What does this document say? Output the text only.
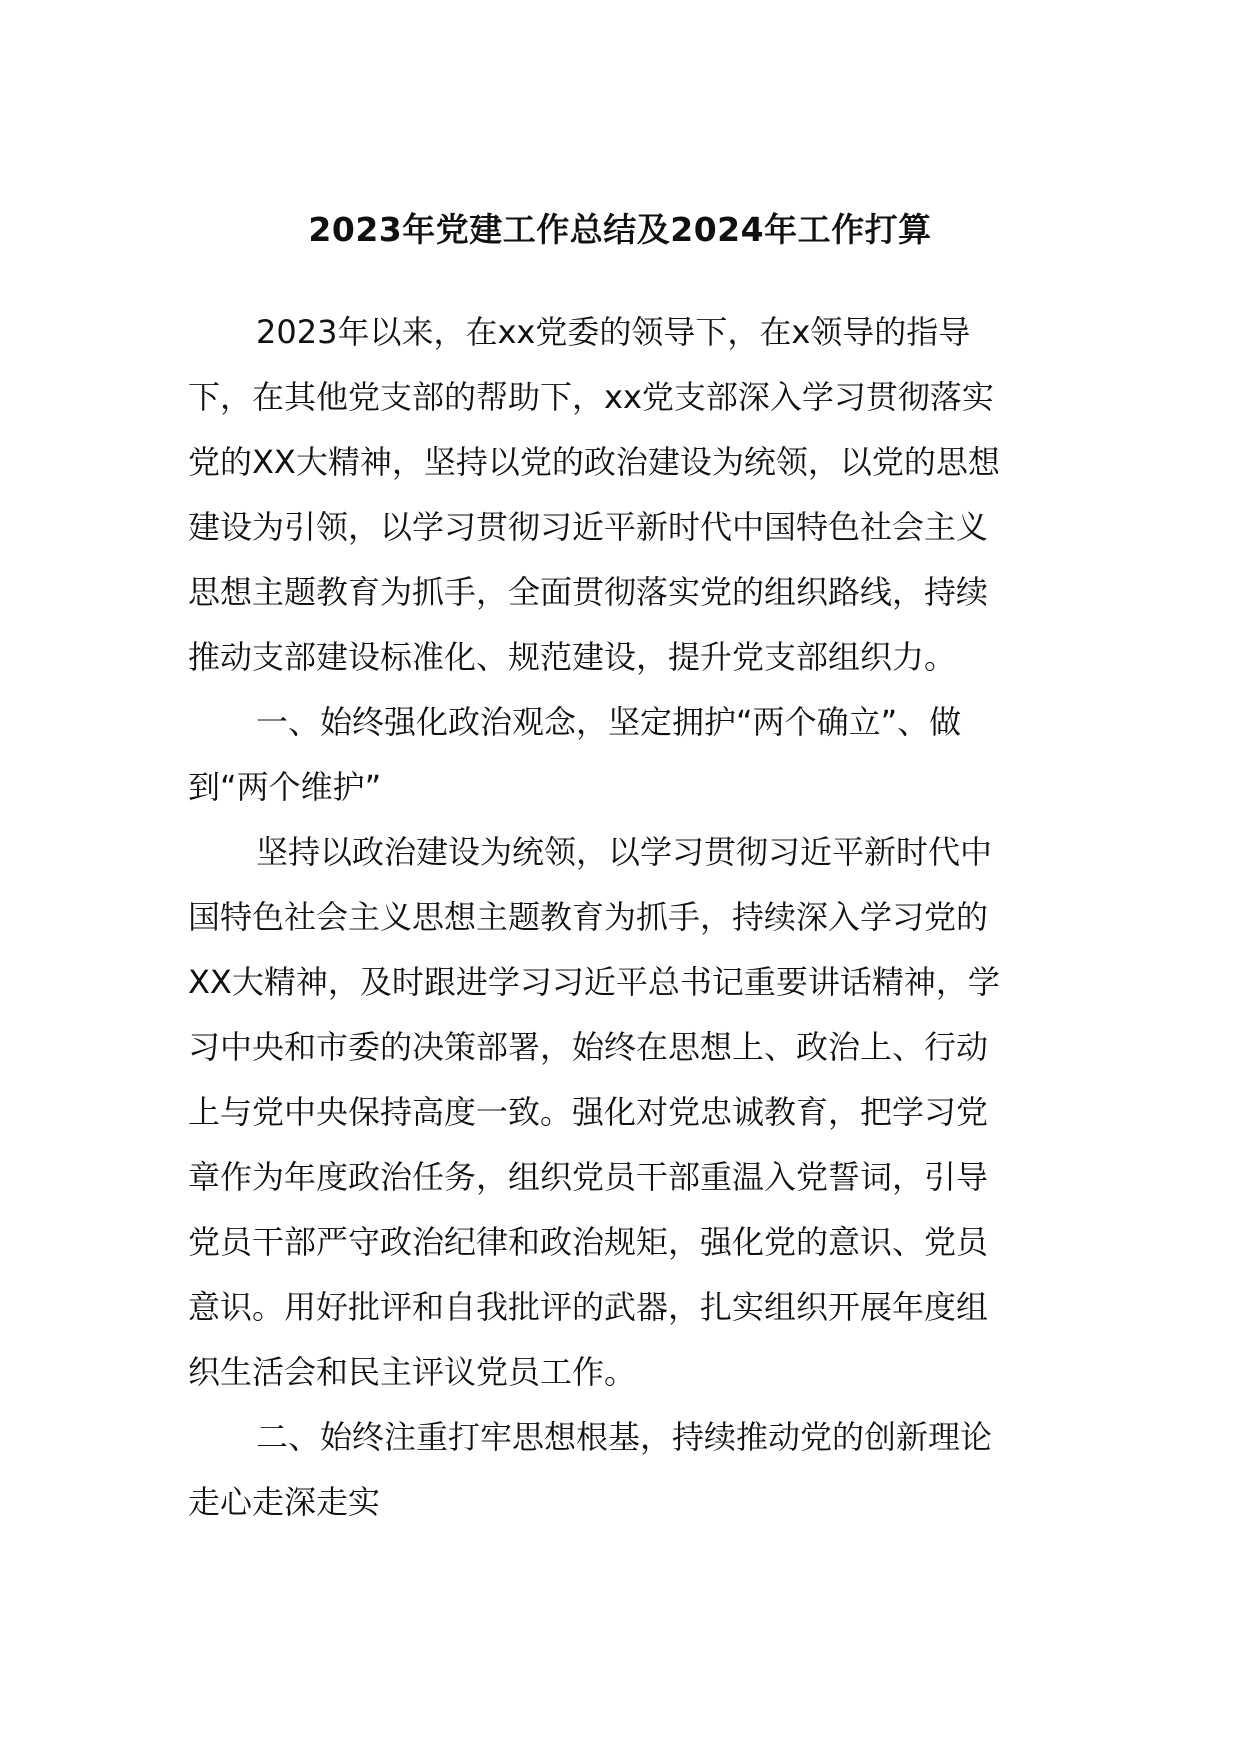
2023年党建工作总结及2024年工作打算
2023年以来，在xx党委的领导下，在x领导的指导
下，在其他党支部的帮助下，xx党支部深入学习贯彻落实
党的XX大精神，坚持以党的政治建设为统领，以党的思想
建设为引领，以学习贯彻习近平新时代中国特色社会主义
思想主题教育为抓手，全面贯彻落实党的组织路线，持续
推动支部建设标准化、规范建设，提升党支部组织力。
一、始终强化政治观念，坚定拥护“两个确立”、做
到“两个维护”
坚持以政治建设为统领，以学习贯彻习近平新时代中
国特色社会主义思想主题教育为抓手，持续深入学习党的
XX大精神，及时跟进学习习近平总书记重要讲话精神，学
习中央和市委的决策部署，始终在思想上、政治上、行动
上与党中央保持高度一致。强化对党忠诚教育，把学习党
章作为年度政治任务，组织党员干部重温入党誓词，引导
党员干部严守政治纪律和政治规矩，强化党的意识、党员
意识。用好批评和自我批评的武器，扎实组织开展年度组
织生活会和民主评议党员工作。
二、始终注重打牢思想根基，持续推动党的创新理论
走心走深走实
